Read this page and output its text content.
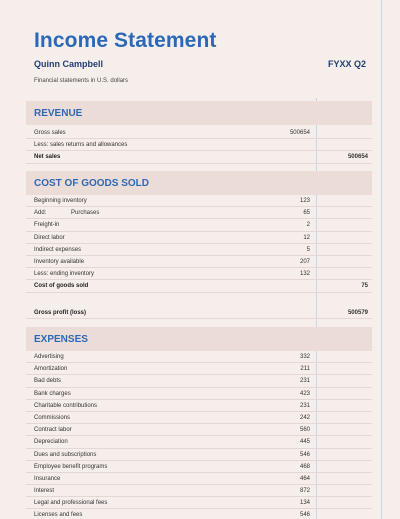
Income Statement
Quinn Campbell	FYXX Q2
Financial statements in U.S. dollars
REVENUE
Gross sales	500654
Less: sales returns and allowances
Net sales	500654
COST OF GOODS SOLD
Beginning inventory	123
Add:	Purchases	65
Freight-in	2
Direct labor	12
Indirect expenses	5
Inventory available	207
Less: ending inventory	132
Cost of goods sold	75
Gross profit (loss)	500579
EXPENSES
Advertising	332
Amortization	211
Bad debts	231
Bank charges	423
Charitable contributions	231
Commissions	242
Contract labor	560
Depreciation	445
Dues and subscriptions	546
Employee benefit programs	468
Insurance	464
Interest	872
Legal and professional fees	134
Licenses and fees	546
